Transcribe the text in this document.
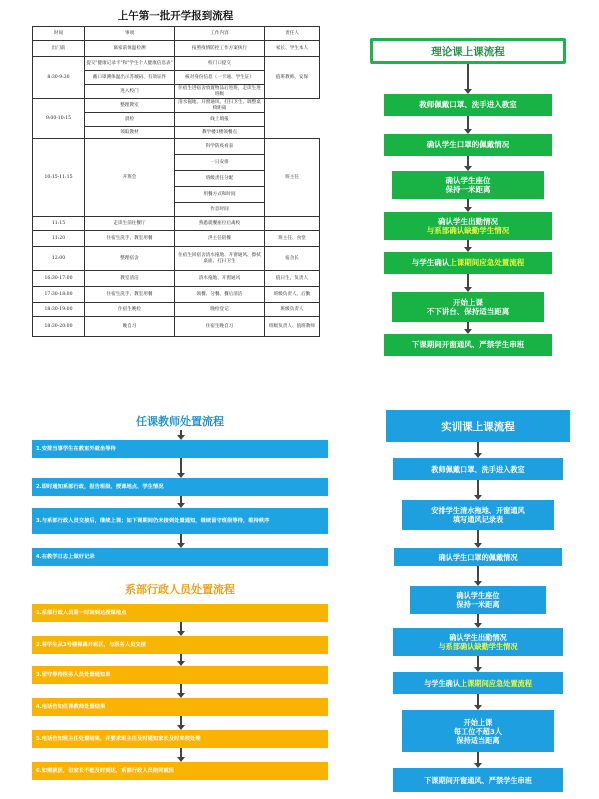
上午第一批开学报到流程
时间	事项	工作内容	责任人
出门前	离家前体温检测	按照疫情防控工作方案执行	家长、学生本人
8:30-9:30	提交"健康记录卡"和"学生个人健康信息表"	校门口提交	值班教师、安保
	戴口罩测体温出示苏城码、有效证件	核对身份信息（一卡通、学生证）	
	进入校门	住宿生进宿舍放置物品后进班，走读生进班级	
9:00-10:15	整理教室	清水拖地、开窗通风、打扫卫生、调整桌椅距离	
	晨检	线上填报	
	领取教材	教学楼1楼领餐点	
10:15-11:15	开班会	科学防疫看表	班主任
		一日安排	
		班级责任分配	
		用餐方式和时间	
		作息时间	
11:15	走读生前往餐厅	熟悉就餐座位后离校	
11:20	住宿生洗手、教室用餐	洪主任陪餐	班主任、食堂
12:00	整理宿舍	住宿生回宿舍清水拖地、开窗通风、擦拭桌面、打扫卫生	宿舍长
16:30-17:00	教室清洁	清水拖地、开窗通风	值日生、负责人
17:30-18:00	住宿生洗手、教室用餐	领餐、分餐、餐后清洁	班级负责人、后勤
18:30-19:00	住宿生晚检	晚检登记	班级负责人
18:30-20:00	晚自习	住宿生晚自习	班级负责人、值班教师
理论课上课流程
教师佩戴口罩、洗手进入教室
确认学生口罩的佩戴情况
确认学生座位
保持一米距离
确认学生出勤情况
与系部确认缺勤学生情况
与学生确认上课期间应急处置流程
开始上课
不下讲台、保持适当距离
下课期间开窗通风、严禁学生串班
任课教师处置流程
1.安排当事学生在教室外就坐等待
2.即时通知系部行政，报告班级、授课地点、学生情况
3.与系部行政人员交接后，继续上课；如下课期间仍未接到处置通知，继续留守班级等待，维持秩序
4.在教学日志上做好记录
系部行政人员处置流程
1.系部行政人员第一时间到达授课地点
2.将学生从3号楼梯离开班区，与医务人员交接
3.留守等待医务人员处置通知单
4.电话告知任课教师处置结果
5.电话告知班主任处置结果，并要求班主任及时通知家长及时来校处理
6.如需就医，但家长不能及时到达，系部行政人员陪同就医
实训课上课流程
教师佩戴口罩、洗手进入教室
安排学生清水拖地、开窗通风
填写通风记录表
确认学生口罩的佩戴情况
确认学生座位
保持一米距离
确认学生出勤情况
与系部确认缺勤学生情况
与学生确认上课期间应急处置流程
开始上课
每工位不超3人
保持适当距离
下课期间开窗通风、严禁学生串班
